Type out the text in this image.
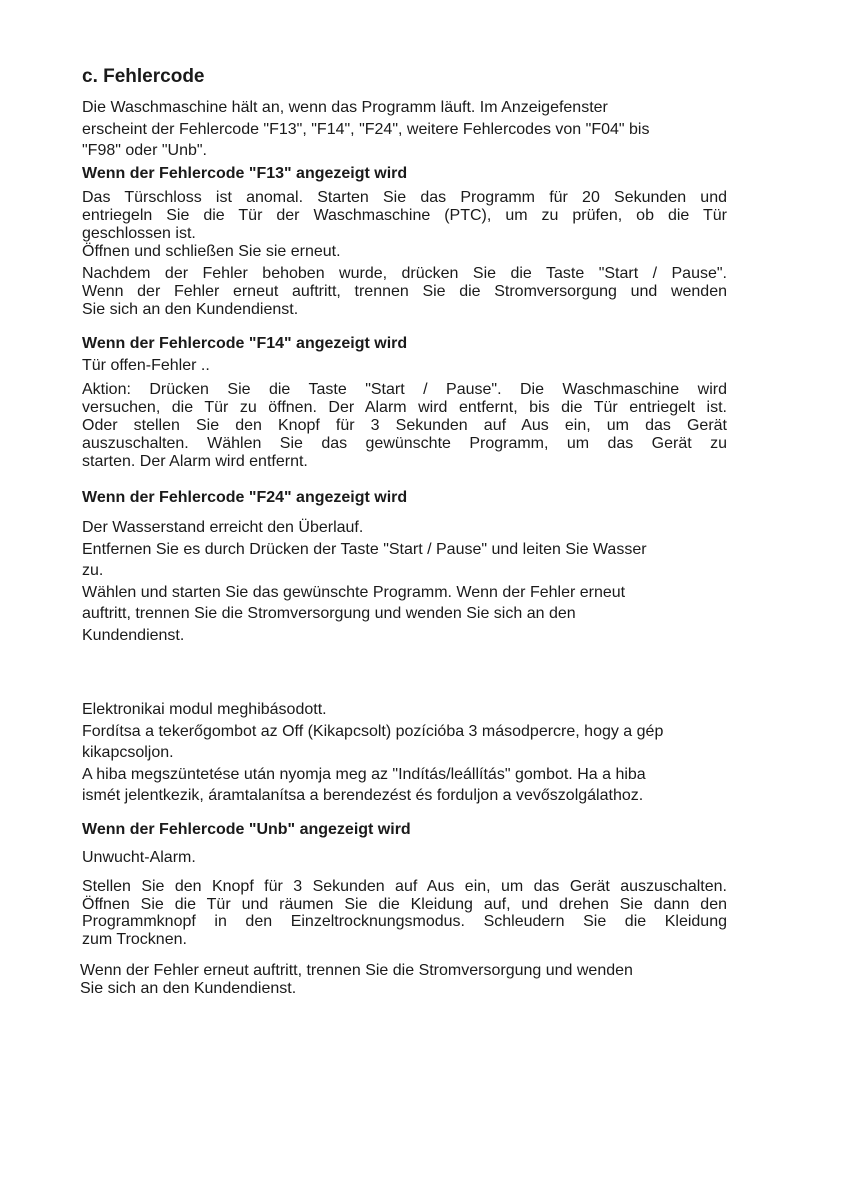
c. Fehlercode
Die Waschmaschine hält an, wenn das Programm läuft. Im Anzeigefenster
erscheint der Fehlercode "F13", "F14", "F24", weitere Fehlercodes von "F04" bis
"F98" oder "Unb".
Wenn der Fehlercode "F13" angezeigt wird
Das Türschloss ist anomal. Starten Sie das Programm für 20 Sekunden und
entriegeln Sie die Tür der Waschmaschine (PTC), um zu prüfen, ob die Tür
geschlossen ist.
Öffnen und schließen Sie sie erneut.
Nachdem der Fehler behoben wurde, drücken Sie die Taste "Start / Pause".
Wenn der Fehler erneut auftritt, trennen Sie die Stromversorgung und wenden
Sie sich an den Kundendienst.
Wenn der Fehlercode "F14" angezeigt wird
Tür offen-Fehler ..
Aktion: Drücken Sie die Taste "Start / Pause". Die Waschmaschine wird
versuchen, die Tür zu öffnen. Der Alarm wird entfernt, bis die Tür entriegelt ist.
Oder stellen Sie den Knopf für 3 Sekunden auf Aus ein, um das Gerät
auszuschalten. Wählen Sie das gewünschte Programm, um das Gerät zu
starten. Der Alarm wird entfernt.
Wenn der Fehlercode "F24" angezeigt wird
Der Wasserstand erreicht den Überlauf.
Entfernen Sie es durch Drücken der Taste "Start / Pause" und leiten Sie Wasser
zu.
Wählen und starten Sie das gewünschte Programm. Wenn der Fehler erneut
auftritt, trennen Sie die Stromversorgung und wenden Sie sich an den
Kundendienst.
Elektronikai modul meghibásodott.
Fordítsa a tekerőgombot az Off (Kikapcsolt) pozícióba 3 másodpercre, hogy a gép
kikapcsoljon.
A hiba megszüntetése után nyomja meg az "Indítás/leállítás" gombot. Ha a hiba
ismét jelentkezik, áramtalanítsa a berendezést és forduljon a vevőszolgálathoz.
Wenn der Fehlercode "Unb" angezeigt wird
Unwucht-Alarm.
Stellen Sie den Knopf für 3 Sekunden auf Aus ein, um das Gerät auszuschalten.
Öffnen Sie die Tür und räumen Sie die Kleidung auf, und drehen Sie dann den
Programmknopf in den Einzeltrocknungsmodus. Schleudern Sie die Kleidung
zum Trocknen.
Wenn der Fehler erneut auftritt, trennen Sie die Stromversorgung und wenden
Sie sich an den Kundendienst.
